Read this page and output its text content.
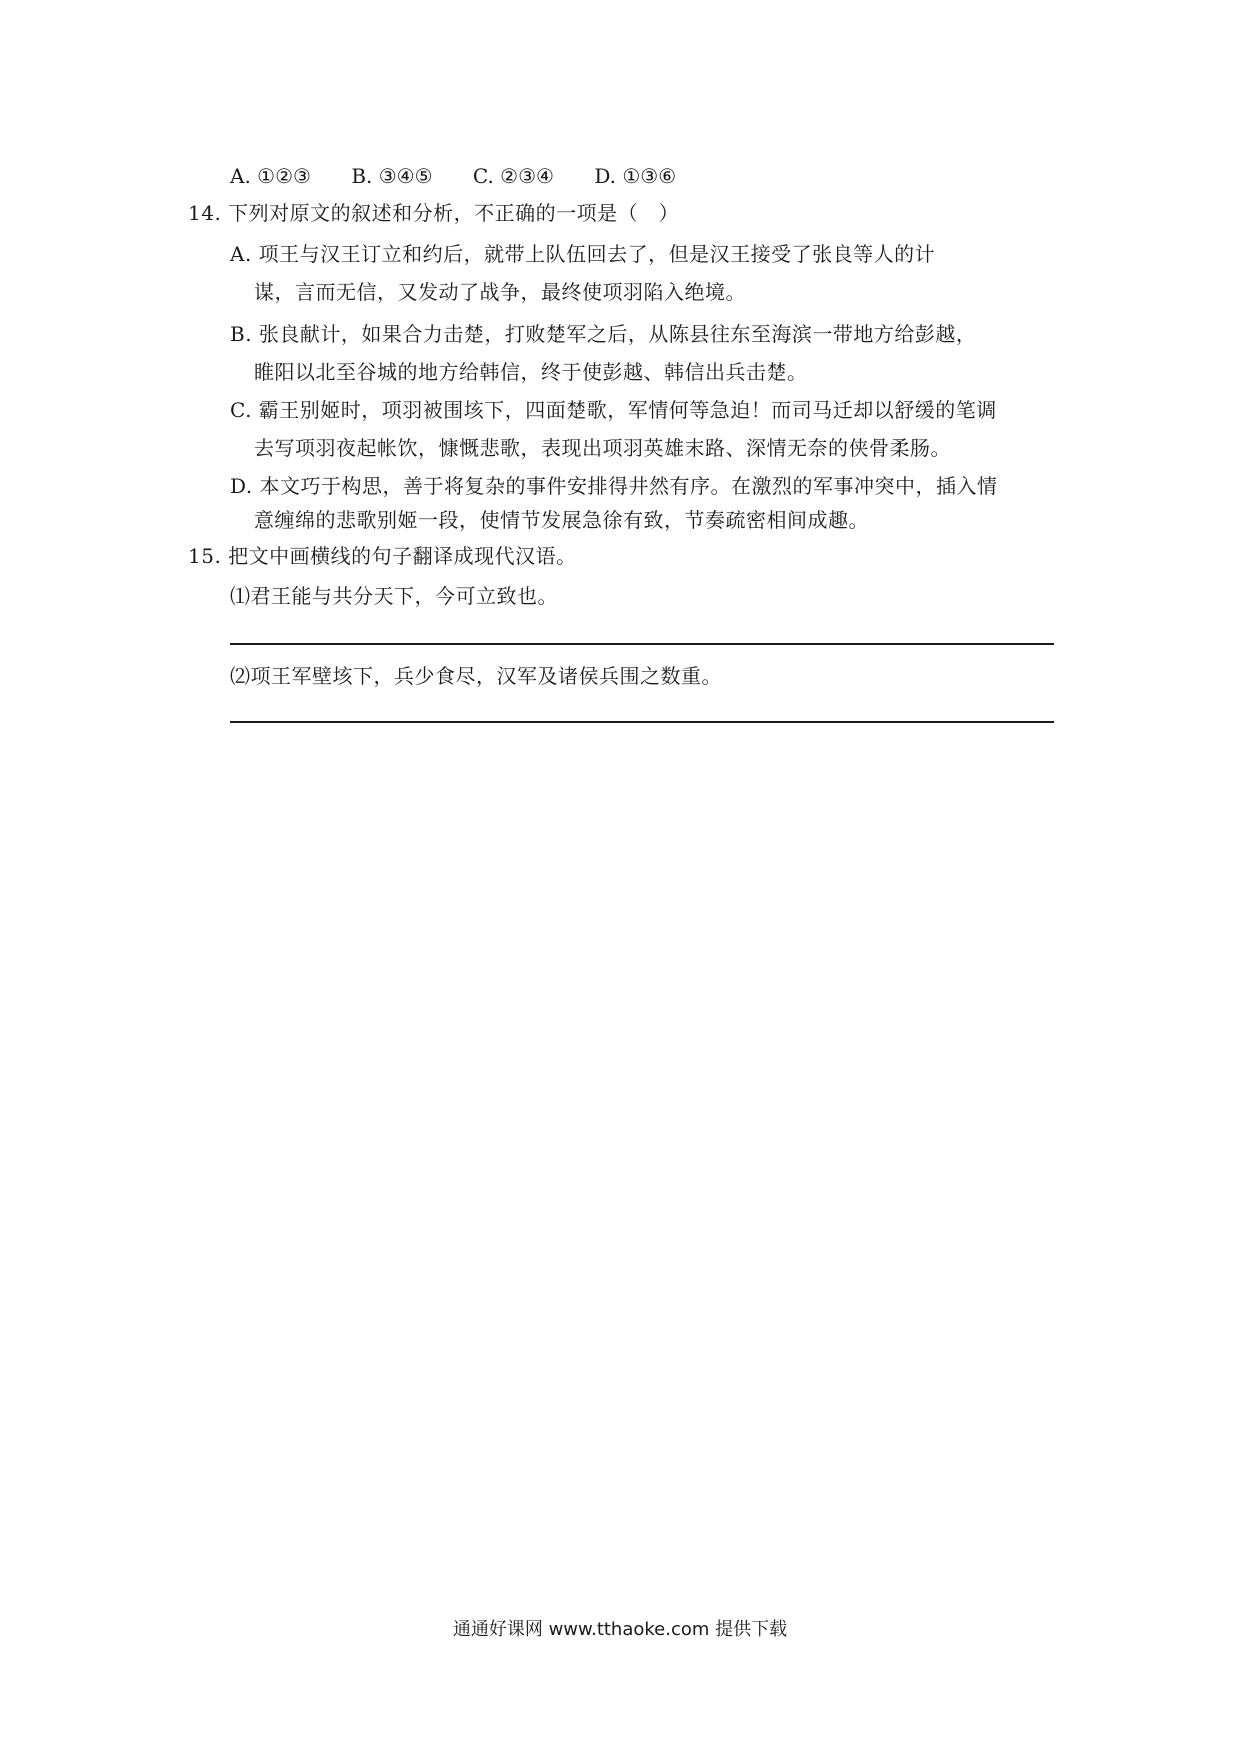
A. ①②③ B. ③④⑤ C. ②③④ D. ①③⑥
14. 下列对原文的叙述和分析，不正确的一项是（　）
A. 项王与汉王订立和约后，就带上队伍回去了，但是汉王接受了张良等人的计
谋，言而无信，又发动了战争，最终使项羽陷入绝境。
B. 张良献计，如果合力击楚，打败楚军之后，从陈县往东至海滨一带地方给彭越，
睢阳以北至谷城的地方给韩信，终于使彭越、韩信出兵击楚。
C. 霸王别姬时，项羽被围垓下，四面楚歌，军情何等急迫！而司马迁却以舒缓的笔调
去写项羽夜起帐饮，慷慨悲歌，表现出项羽英雄末路、深情无奈的侠骨柔肠。
D. 本文巧于构思，善于将复杂的事件安排得井然有序。在激烈的军事冲突中，插入情
意缠绵的悲歌别姬一段，使情节发展急徐有致，节奏疏密相间成趣。
15. 把文中画横线的句子翻译成现代汉语。
⑴君王能与共分天下，今可立致也。
⑵项王军壁垓下，兵少食尽，汉军及诸侯兵围之数重。
通通好课网 www.tthaoke.com 提供下载
